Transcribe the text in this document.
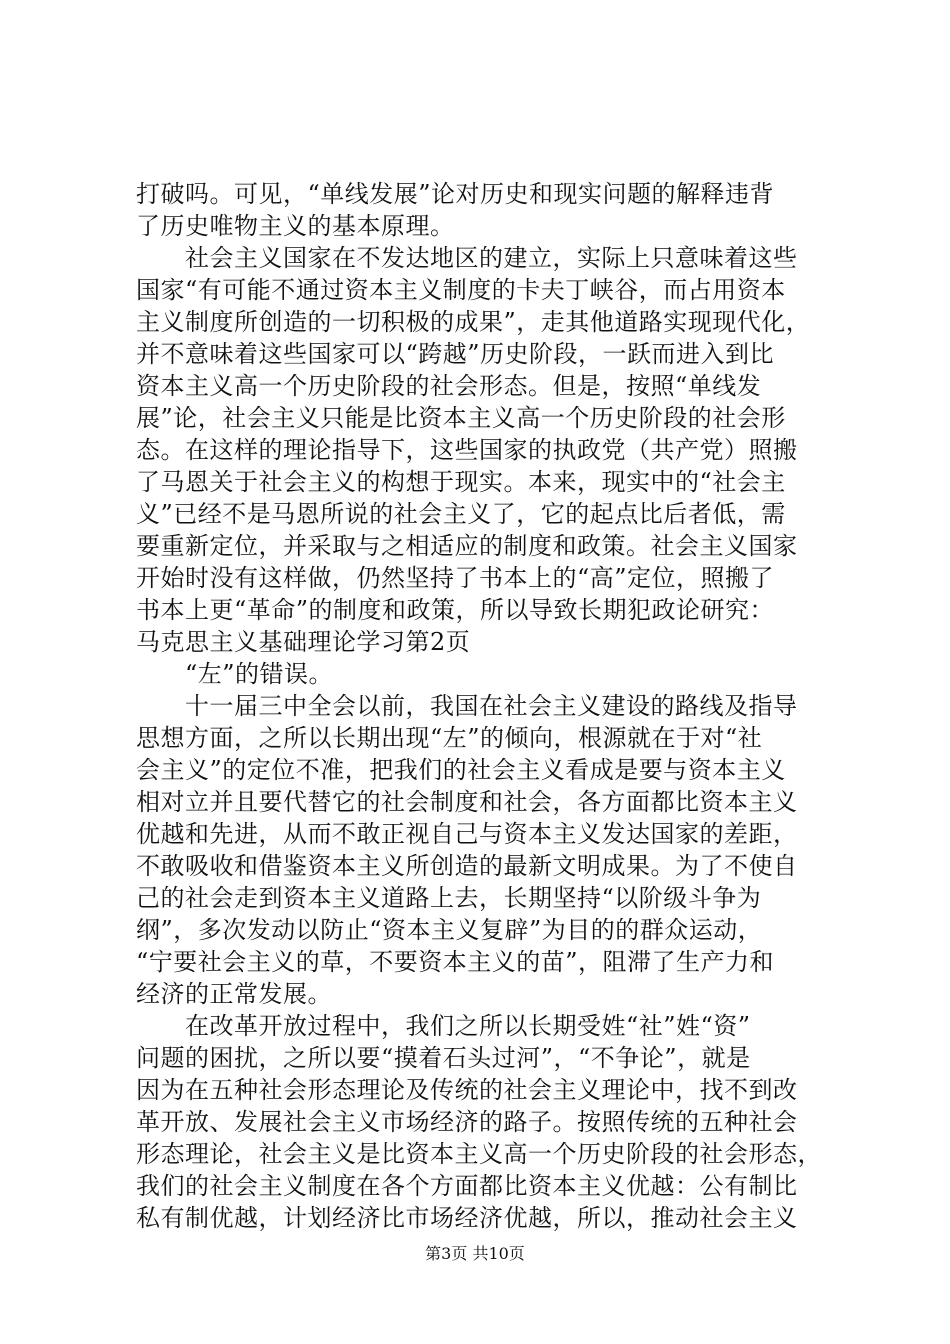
打破吗。可见，“单线发展”论对历史和现实问题的解释违背
了历史唯物主义的基本原理。
　　社会主义国家在不发达地区的建立，实际上只意味着这些
国家“有可能不通过资本主义制度的卡夫丁峡谷，而占用资本
主义制度所创造的一切积极的成果”，走其他道路实现现代化，
并不意味着这些国家可以“跨越”历史阶段，一跃而进入到比
资本主义高一个历史阶段的社会形态。但是，按照“单线发
展”论，社会主义只能是比资本主义高一个历史阶段的社会形
态。在这样的理论指导下，这些国家的执政党（共产党）照搬
了马恩关于社会主义的构想于现实。本来，现实中的“社会主
义”已经不是马恩所说的社会主义了，它的起点比后者低，需
要重新定位，并采取与之相适应的制度和政策。社会主义国家
开始时没有这样做，仍然坚持了书本上的“高”定位，照搬了
书本上更“革命”的制度和政策，所以导致长期犯政论研究：
马克思主义基础理论学习第2页
　　“左”的错误。
　　十一届三中全会以前，我国在社会主义建设的路线及指导
思想方面，之所以长期出现“左”的倾向，根源就在于对“社
会主义”的定位不准，把我们的社会主义看成是要与资本主义
相对立并且要代替它的社会制度和社会，各方面都比资本主义
优越和先进，从而不敢正视自己与资本主义发达国家的差距，
不敢吸收和借鉴资本主义所创造的最新文明成果。为了不使自
己的社会走到资本主义道路上去，长期坚持“以阶级斗争为
纲”，多次发动以防止“资本主义复辟”为目的的群众运动，
“宁要社会主义的草，不要资本主义的苗”，阻滞了生产力和
经济的正常发展。
　　在改革开放过程中，我们之所以长期受姓“社”姓“资”
问题的困扰，之所以要“摸着石头过河”，“不争论”，就是
因为在五种社会形态理论及传统的社会主义理论中，找不到改
革开放、发展社会主义市场经济的路子。按照传统的五种社会
形态理论，社会主义是比资本主义高一个历史阶段的社会形态，
我们的社会主义制度在各个方面都比资本主义优越：公有制比
私有制优越，计划经济比市场经济优越，所以，推动社会主义
第3页 共10页
